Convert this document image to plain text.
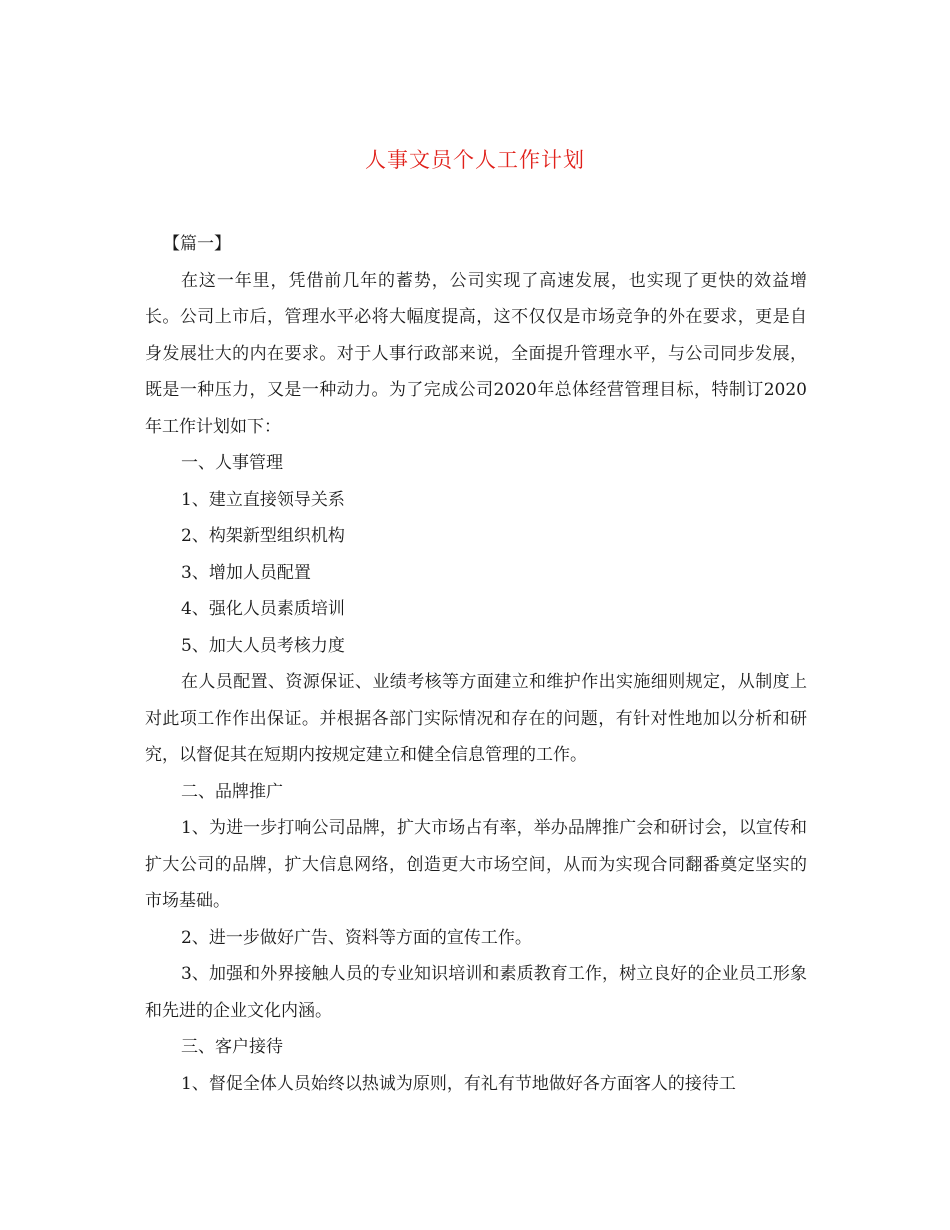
人事文员个人工作计划

【篇一】

在这一年里，凭借前几年的蓄势，公司实现了高速发展，也实现了更快的效益增长。公司上市后，管理水平必将大幅度提高，这不仅仅是市场竞争的外在要求，更是自身发展壮大的内在要求。对于人事行政部来说，全面提升管理水平，与公司同步发展，既是一种压力，又是一种动力。为了完成公司2020年总体经营管理目标，特制订2020年工作计划如下：

一、人事管理

1、建立直接领导关系

2、构架新型组织机构

3、增加人员配置

4、强化人员素质培训

5、加大人员考核力度

在人员配置、资源保证、业绩考核等方面建立和维护作出实施细则规定，从制度上对此项工作作出保证。并根据各部门实际情况和存在的问题，有针对性地加以分析和研究，以督促其在短期内按规定建立和健全信息管理的工作。

二、品牌推广

1、为进一步打响公司品牌，扩大市场占有率，举办品牌推广会和研讨会，以宣传和扩大公司的品牌，扩大信息网络，创造更大市场空间，从而为实现合同翻番奠定坚实的市场基础。

2、进一步做好广告、资料等方面的宣传工作。

3、加强和外界接触人员的专业知识培训和素质教育工作，树立良好的企业员工形象和先进的企业文化内涵。

三、客户接待

1、督促全体人员始终以热诚为原则，有礼有节地做好各方面客人的接待工
